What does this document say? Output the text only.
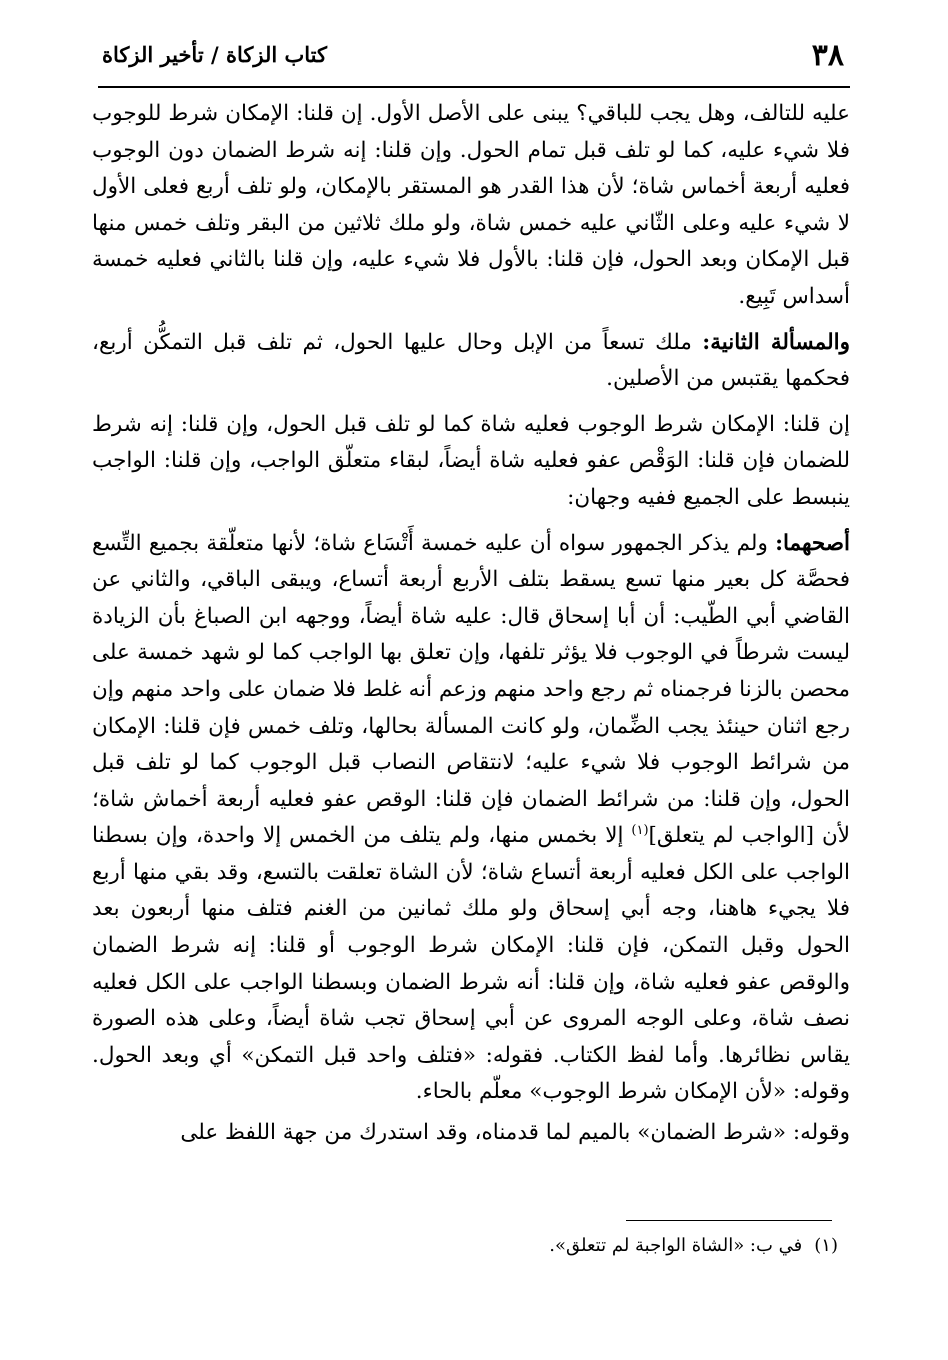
٣٨
كتاب الزكاة / تأخير الزكاة

عليه للتالف، وهل يجب للباقي؟ يبنى على الأصل الأول. إن قلنا: الإمكان شرط للوجوب فلا شيء عليه، كما لو تلف قبل تمام الحول. وإن قلنا: إنه شرط الضمان دون الوجوب فعليه أربعة أخماس شاة؛ لأن هذا القدر هو المستقر بالإمكان، ولو تلف أربع فعلى الأول لا شيء عليه وعلى الثّاني عليه خمس شاة، ولو ملك ثلاثين من البقر وتلف خمس منها قبل الإمكان وبعد الحول، فإن قلنا: بالأول فلا شيء عليه، وإن قلنا بالثاني فعليه خمسة أسداس تَبِيع.

والمسألة الثانية: ملك تسعاً من الإبل وحال عليها الحول، ثم تلف قبل التمكُّن أربع، فحكمها يقتبس من الأصلين.

إن قلنا: الإمكان شرط الوجوب فعليه شاة كما لو تلف قبل الحول، وإن قلنا: إنه شرط للضمان فإن قلنا: الوَقْص عفو فعليه شاة أيضاً، لبقاء متعلّق الواجب، وإن قلنا: الواجب ينبسط على الجميع ففيه وجهان:

أصحهما: ولم يذكر الجمهور سواه أن عليه خمسة أَتْسَاع شاة؛ لأنها متعلّقة بجميع التِّسع فحصَّة كل بعير منها تسع يسقط بتلف الأربع أربعة أتساع، ويبقى الباقي، والثاني عن القاضي أبي الطّيب: أن أبا إسحاق قال: عليه شاة أيضاً، ووجهه ابن الصباغ بأن الزيادة ليست شرطاً في الوجوب فلا يؤثر تلفها، وإن تعلق بها الواجب كما لو شهد خمسة على محصن بالزنا فرجمناه ثم رجع واحد منهم وزعم أنه غلط فلا ضمان على واحد منهم وإن رجع اثنان حينئذ يجب الضِّمان، ولو كانت المسألة بحالها، وتلف خمس فإن قلنا: الإمكان من شرائط الوجوب فلا شيء عليه؛ لانتقاص النصاب قبل الوجوب كما لو تلف قبل الحول، وإن قلنا: من شرائط الضمان فإن قلنا: الوقص عفو فعليه أربعة أخماش شاة؛ لأن [الواجب لم يتعلق]$^{(١)}$ إلا بخمس منها، ولم يتلف من الخمس إلا واحدة، وإن بسطنا الواجب على الكل فعليه أربعة أتساع شاة؛ لأن الشاة تعلقت بالتسع، وقد بقي منها أربع فلا يجيء هاهنا، وجه أبي إسحاق ولو ملك ثمانين من الغنم فتلف منها أربعون بعد الحول وقبل التمكن، فإن قلنا: الإمكان شرط الوجوب أو قلنا: إنه شرط الضمان والوقص عفو فعليه شاة، وإن قلنا: أنه شرط الضمان وبسطنا الواجب على الكل فعليه نصف شاة، وعلى الوجه المروى عن أبي إسحاق تجب شاة أيضاً، وعلى هذه الصورة يقاس نظائرها. وأما لفظ الكتاب. فقوله: «فتلف واحد قبل التمكن» أي وبعد الحول. وقوله: «لأن الإمكان شرط الوجوب» معلّم بالحاء.

وقوله: «شرط الضمان» بالميم لما قدمناه، وقد استدرك من جهة اللفظ على

(١)في ب: «الشاة الواجبة لم تتعلق».
